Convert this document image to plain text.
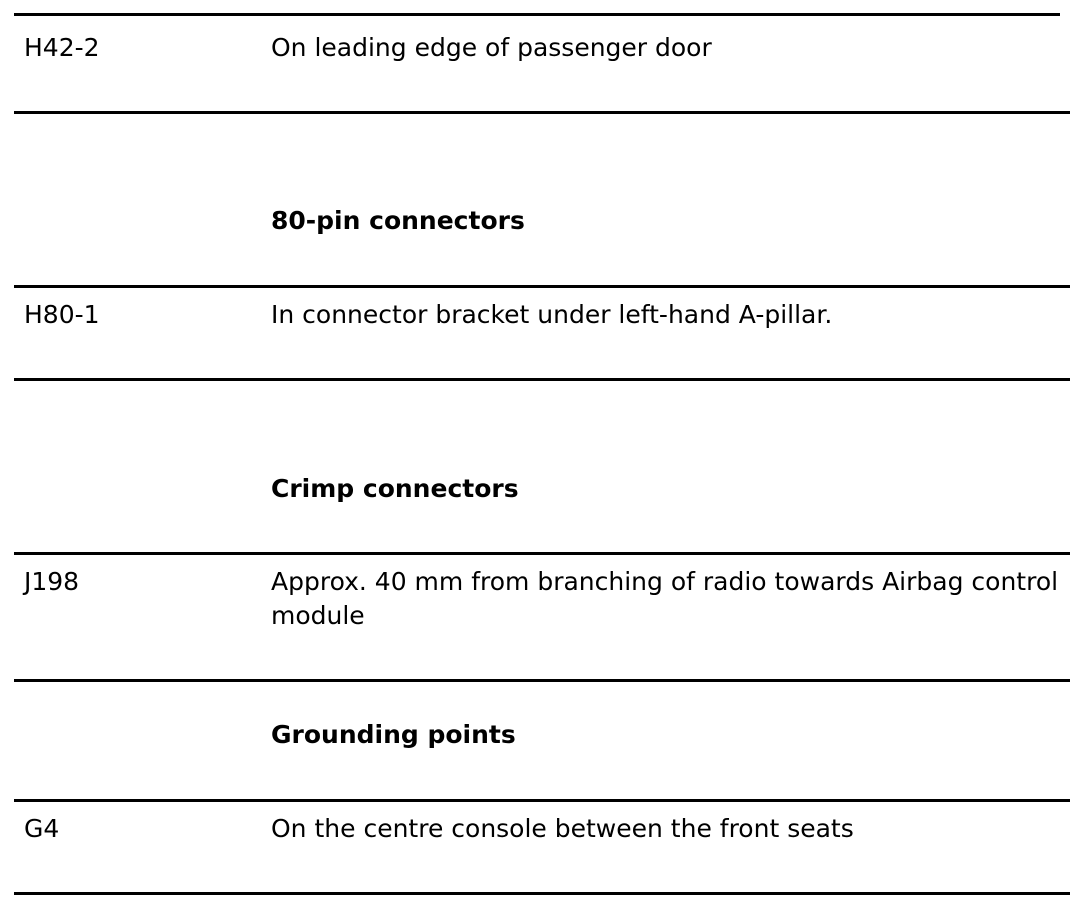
H42-2	On leading edge of passenger door
80-pin connectors
H80-1	In connector bracket under left-hand A-pillar.
Crimp connectors
J198	Approx. 40 mm from branching of radio towards Airbag control module
Grounding points
G4	On the centre console between the front seats
